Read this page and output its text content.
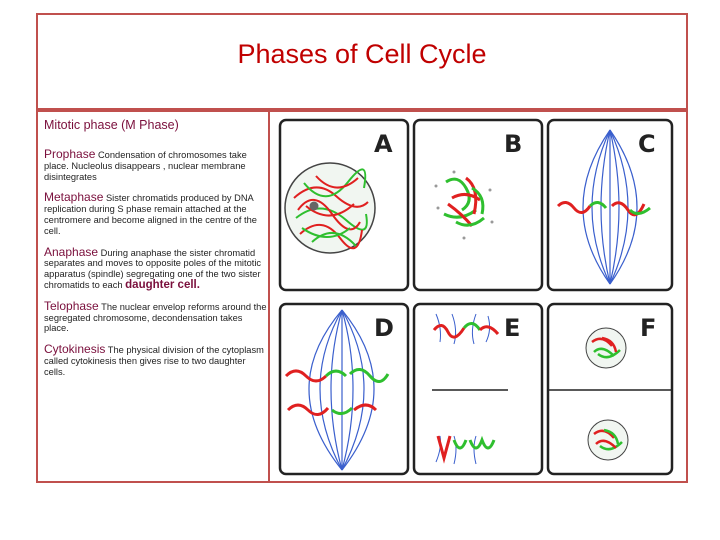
Phases of Cell Cycle
Mitotic phase (M Phase)
Prophase Condensation of chromosomes take place. Nucleolus disappears , nuclear membrane disintegrates
Metaphase Sister chromatids produced by DNA replication during S phase remain attached at the centromere and become aligned in the centre of the cell.
Anaphase During anaphase the sister chromatid separates and moves to opposite poles of the mitotic apparatus (spindle) segregating one of the two sister chromatids to each daughter cell.
Telophase The nuclear envelop reforms around the segregated chromosome, decondensation takes place.
Cytokinesis The physical division of the cytoplasm called cytokinesis then gives rise to two daughter cells.
A	B	C
D	E	F
